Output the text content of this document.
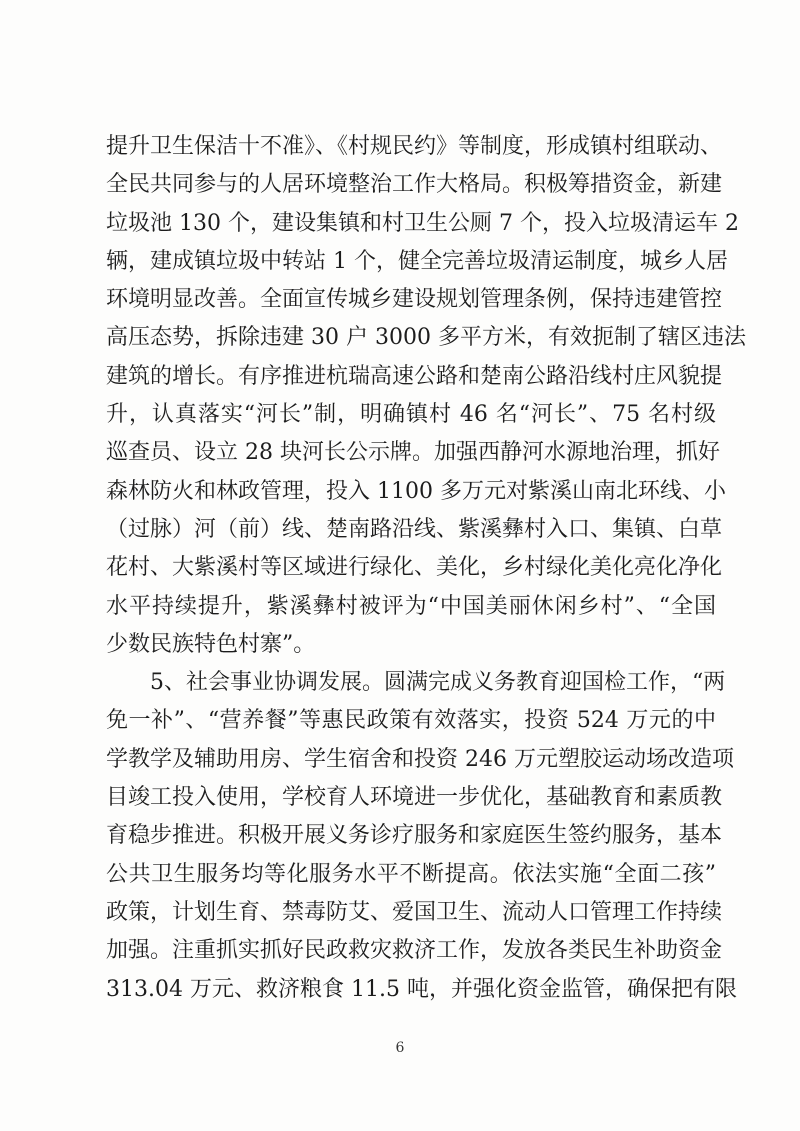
提升卫生保洁十不准》、《村规民约》等制度，形成镇村组联动、
全民共同参与的人居环境整治工作大格局。积极筹措资金，新建
垃圾池 130 个，建设集镇和村卫生公厕 7 个，投入垃圾清运车 2
辆，建成镇垃圾中转站 1 个，健全完善垃圾清运制度，城乡人居
环境明显改善。全面宣传城乡建设规划管理条例，保持违建管控
高压态势，拆除违建 30 户 3000 多平方米，有效扼制了辖区违法
建筑的增长。有序推进杭瑞高速公路和楚南公路沿线村庄风貌提
升，认真落实“河长”制，明确镇村 46 名“河长”、75 名村级
巡查员、设立 28 块河长公示牌。加强西静河水源地治理，抓好
森林防火和林政管理，投入 1100 多万元对紫溪山南北环线、小
（过脉）河（前）线、楚南路沿线、紫溪彝村入口、集镇、白草
花村、大紫溪村等区域进行绿化、美化，乡村绿化美化亮化净化
水平持续提升，紫溪彝村被评为“中国美丽休闲乡村”、“全国
少数民族特色村寨”。
5、社会事业协调发展。圆满完成义务教育迎国检工作，“两
免一补”、“营养餐”等惠民政策有效落实，投资 524 万元的中
学教学及辅助用房、学生宿舍和投资 246 万元塑胶运动场改造项
目竣工投入使用，学校育人环境进一步优化，基础教育和素质教
育稳步推进。积极开展义务诊疗服务和家庭医生签约服务，基本
公共卫生服务均等化服务水平不断提高。依法实施“全面二孩”
政策，计划生育、禁毒防艾、爱国卫生、流动人口管理工作持续
加强。注重抓实抓好民政救灾救济工作，发放各类民生补助资金
313.04 万元、救济粮食 11.5 吨，并强化资金监管，确保把有限
6
